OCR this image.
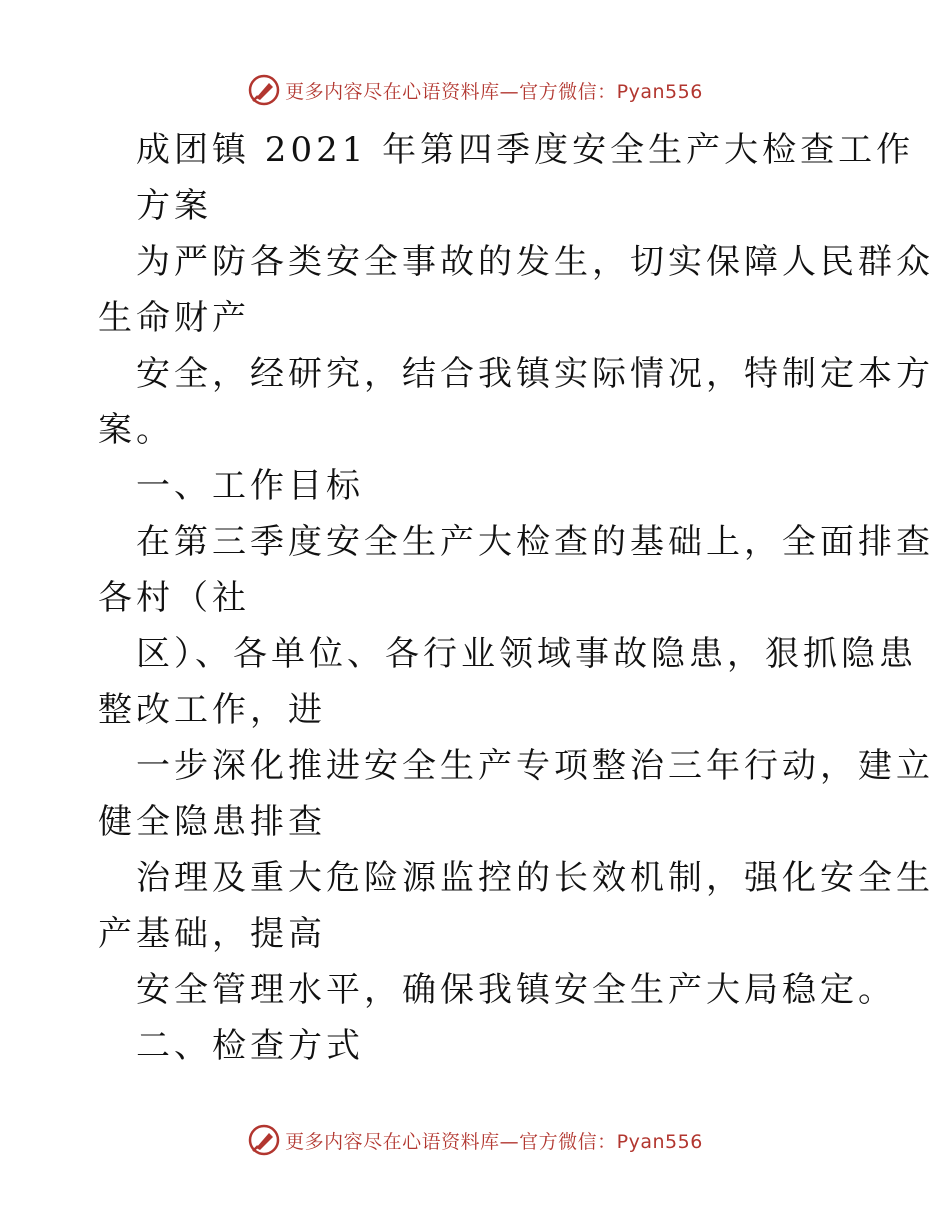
更多内容尽在心语资料库—官方微信：Pyan556

成团镇 2021 年第四季度安全生产大检查工作
方案

为严防各类安全事故的发生，切实保障人民群众
生命财产

安全，经研究，结合我镇实际情况，特制定本方
案。

一、工作目标

在第三季度安全生产大检查的基础上，全面排查
各村（社

区）、各单位、各行业领域事故隐患，狠抓隐患
整改工作，进

一步深化推进安全生产专项整治三年行动，建立
健全隐患排查

治理及重大危险源监控的长效机制，强化安全生
产基础，提高

安全管理水平，确保我镇安全生产大局稳定。

二、检查方式

更多内容尽在心语资料库—官方微信：Pyan556
